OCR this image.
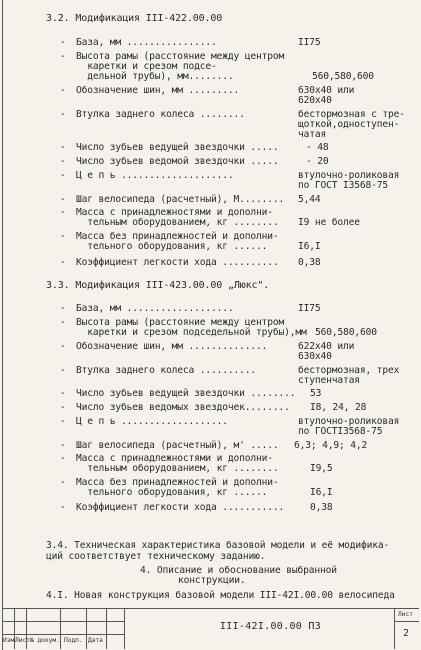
3.2. Модификация III-422.00.00
- База, мм ................	II75
- Высота рамы (расстояние между центром
каретки и срезом подсе-
дельной трубы), мм........	560,580,600
- Обозначение шин, мм .........	630x40 или
620x40
- Втулка заднего колеса ........	бестормозная с тре-
щоткой,одноступен-
чатая
- Число зубьев ведущей звездочки .....	- 48
- Число зубьев ведомой звездочки .....	- 20
- Ц е п ь ....................	втулочно-роликовая
по ГОСТ I3568-75
- Шаг велосипеда (расчетный), М........ 5,44
- Масса с принадлежностями и дополни-
тельным оборудованием, кг ........ I9 не более
- Масса без принадлежностей и дополни-
тельного оборудования, кг ......	I6,I
- Коэффициент легкости хода .......... 0,38
3.3. Модификация III-423.00.00 „Люкс".
- База, мм ...................	II75
- Высота рамы (расстояние между центром
каретки и срезом подседельной трубы),мм 560,580,600
- Обозначение шин, мм ..............	622x40 или
630x40
- Втулка заднего колеса ..........	бестормозная, трех
ступенчатая
- Число зубьев ведущей звездочки ........ 53
- Число зубьев ведомых звездочек........ I8, 24, 28
- Ц е п ь ...................	втулочно-роликовая
по ГОСТI3568-75
- Шаг велосипеда (расчетный), м' ..... 6,3; 4,9; 4,2
- Масса с принадлежностями и дополни-
тельным оборудованием, кг ........	I9,5
- Масса без принадлежностей и дополни-
тельного оборудования, кг ......	I6,I
- Коэффициент легкости хода ...........	0,38
3.4. Техническая характеристика базовой модели и её модифика-
ций соответствует техническому заданию.
4. Описание и обоснование выбранной
конструкции.
4.I. Новая конструкция базовой модели III-42I.00.00 велосипеда
III-42I.00.00 ПЗ
Изм Лист № докум. Подп. Дата
Лист
2
